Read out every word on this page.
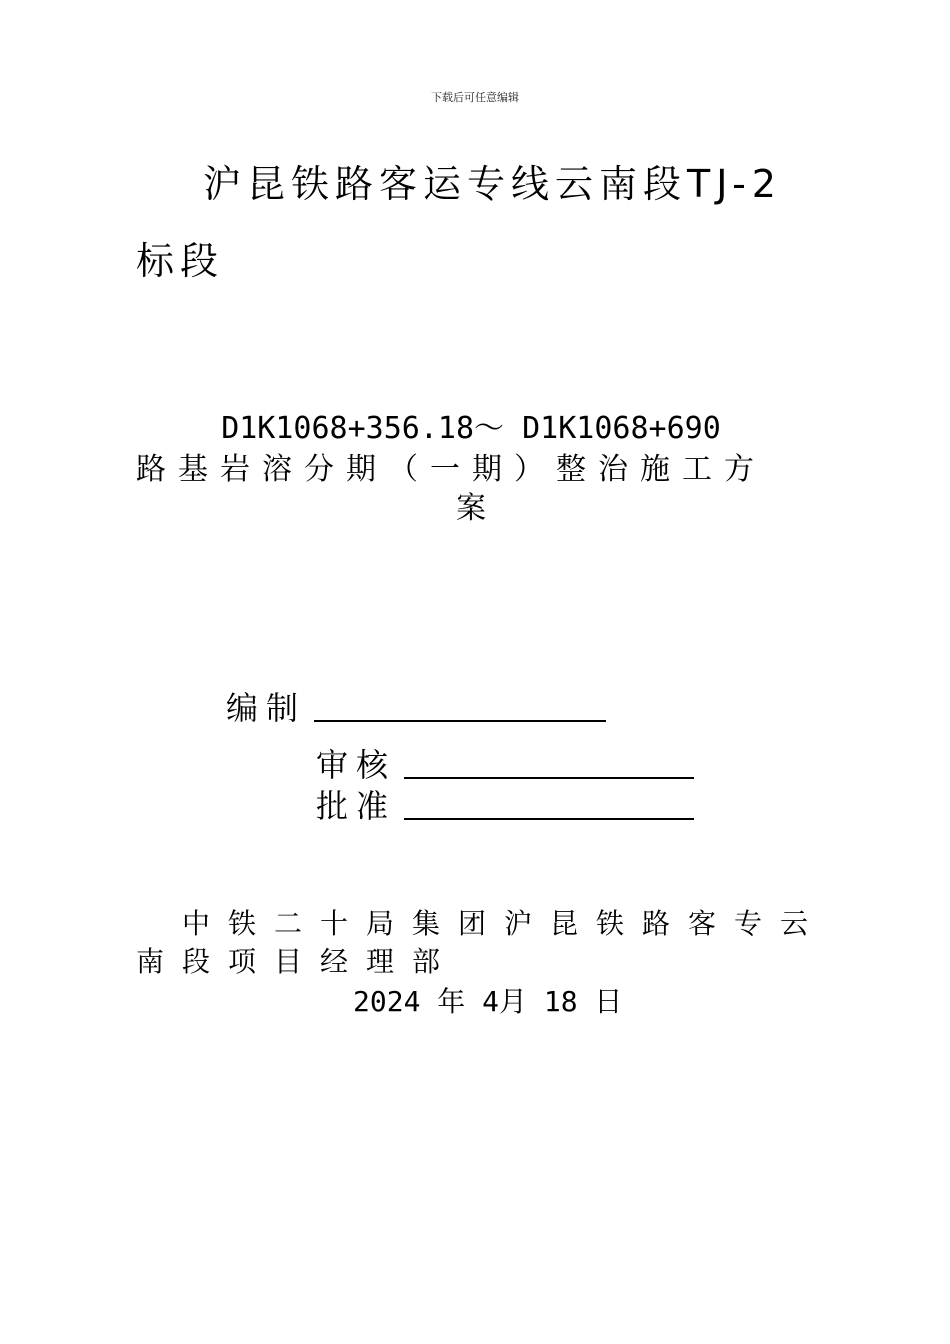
下载后可任意编辑
沪昆铁路客运专线云南段TJ-2
标段
D1K1068+356.18～ D1K1068+690
路基岩溶分期（一期）整治施工方
案
编制
审核
批准
中铁二十局集团沪昆铁路客专云
南段项目经理部
2024 年 4月 18 日
